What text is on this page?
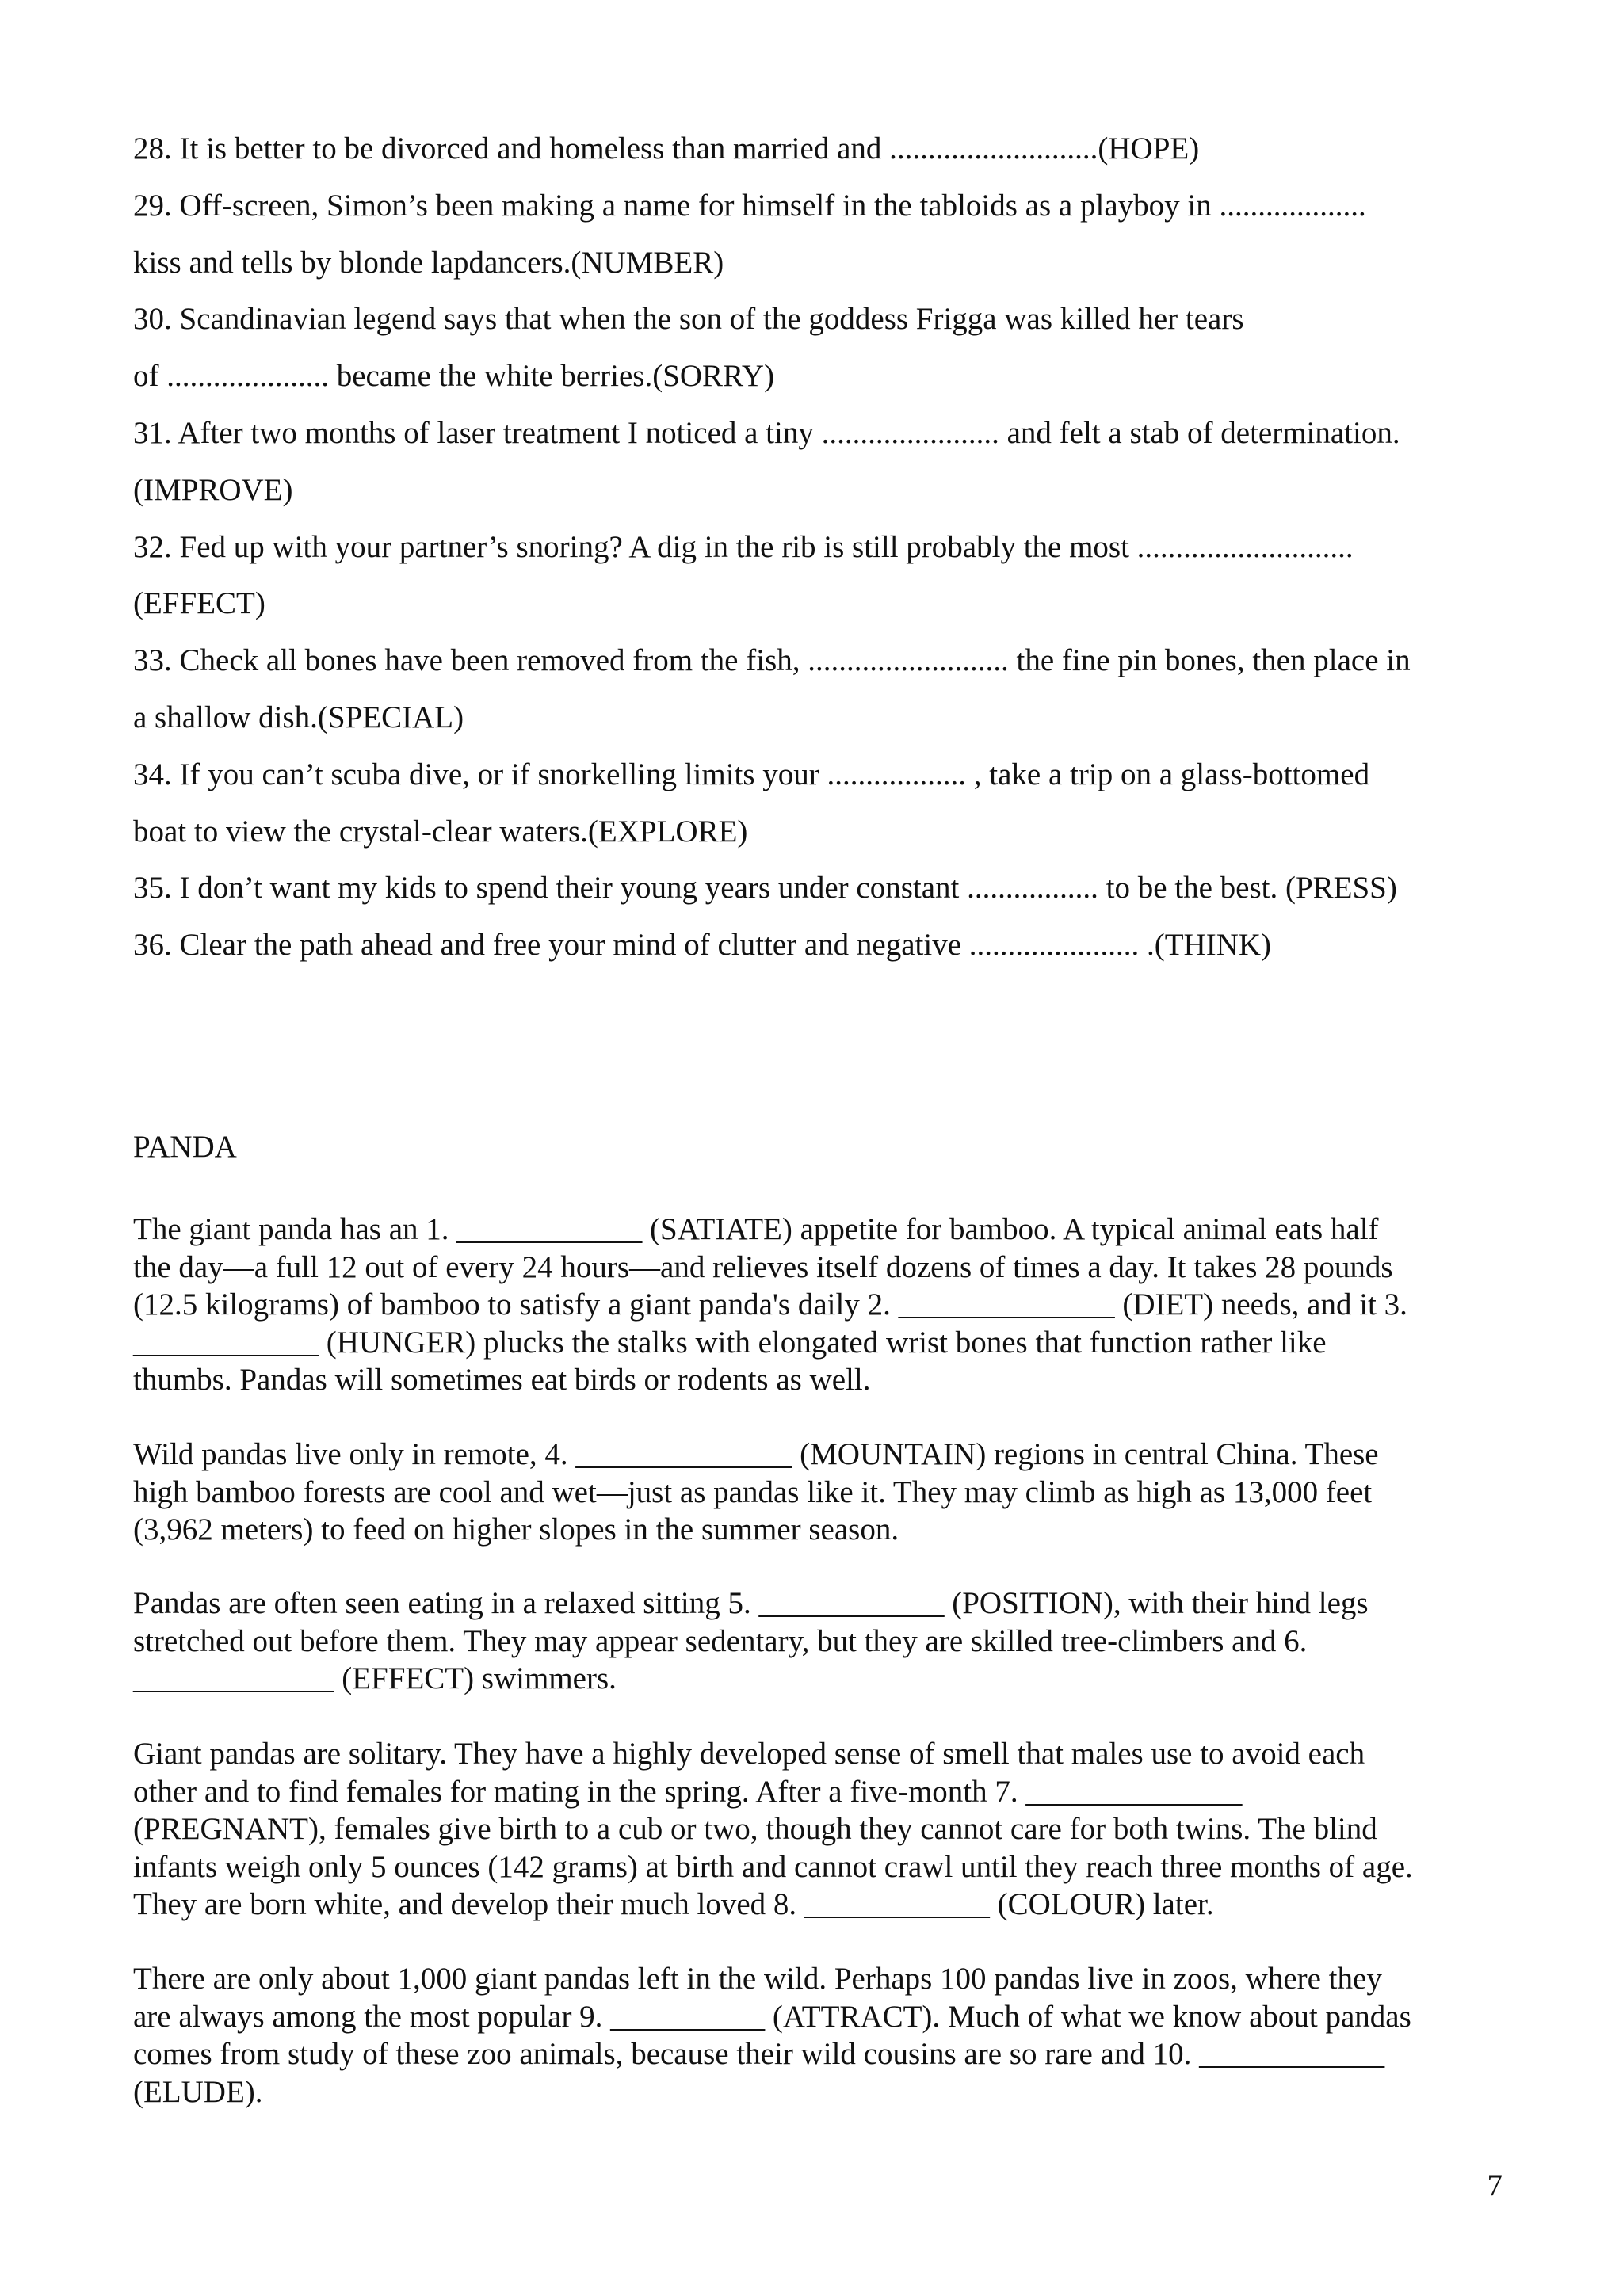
28. It is better to be divorced and homeless than married and ...........................(HOPE)
29. Off-screen, Simon’s been making a name for himself in the tabloids as a playboy in ...................
kiss and tells by blonde lapdancers.(NUMBER)
30. Scandinavian legend says that when the son of the goddess Frigga was killed her tears
of ..................... became the white berries.(SORRY)
31. After two months of laser treatment I noticed a tiny ....................... and felt a stab of determination.
(IMPROVE)
32. Fed up with your partner’s snoring? A dig in the rib is still probably the most ............................
(EFFECT)
33. Check all bones have been removed from the fish, .......................... the fine pin bones, then place in
a shallow dish.(SPECIAL)
34. If you can’t scuba dive, or if snorkelling limits your .................. , take a trip on a glass-bottomed
boat to view the crystal-clear waters.(EXPLORE)
35. I don’t want my kids to spend their young years under constant ................. to be the best. (PRESS)
36. Clear the path ahead and free your mind of clutter and negative ...................... .(THINK)
PANDA
The giant panda has an 1. ____________ (SATIATE) appetite for bamboo. A typical animal eats half
the day—a full 12 out of every 24 hours—and relieves itself dozens of times a day. It takes 28 pounds
(12.5 kilograms) of bamboo to satisfy a giant panda's daily 2. ______________ (DIET) needs, and it 3.
____________ (HUNGER) plucks the stalks with elongated wrist bones that function rather like
thumbs. Pandas will sometimes eat birds or rodents as well.
Wild pandas live only in remote, 4. ______________ (MOUNTAIN) regions in central China. These
high bamboo forests are cool and wet—just as pandas like it. They may climb as high as 13,000 feet
(3,962 meters) to feed on higher slopes in the summer season.
Pandas are often seen eating in a relaxed sitting 5. ____________ (POSITION), with their hind legs
stretched out before them. They may appear sedentary, but they are skilled tree-climbers and 6.
_____________ (EFFECT) swimmers.
Giant pandas are solitary. They have a highly developed sense of smell that males use to avoid each
other and to find females for mating in the spring. After a five-month 7. ______________
(PREGNANT), females give birth to a cub or two, though they cannot care for both twins. The blind
infants weigh only 5 ounces (142 grams) at birth and cannot crawl until they reach three months of age.
They are born white, and develop their much loved 8. ____________ (COLOUR) later.
There are only about 1,000 giant pandas left in the wild. Perhaps 100 pandas live in zoos, where they
are always among the most popular 9. __________ (ATTRACT). Much of what we know about pandas
comes from study of these zoo animals, because their wild cousins are so rare and 10. ____________
(ELUDE).
7
